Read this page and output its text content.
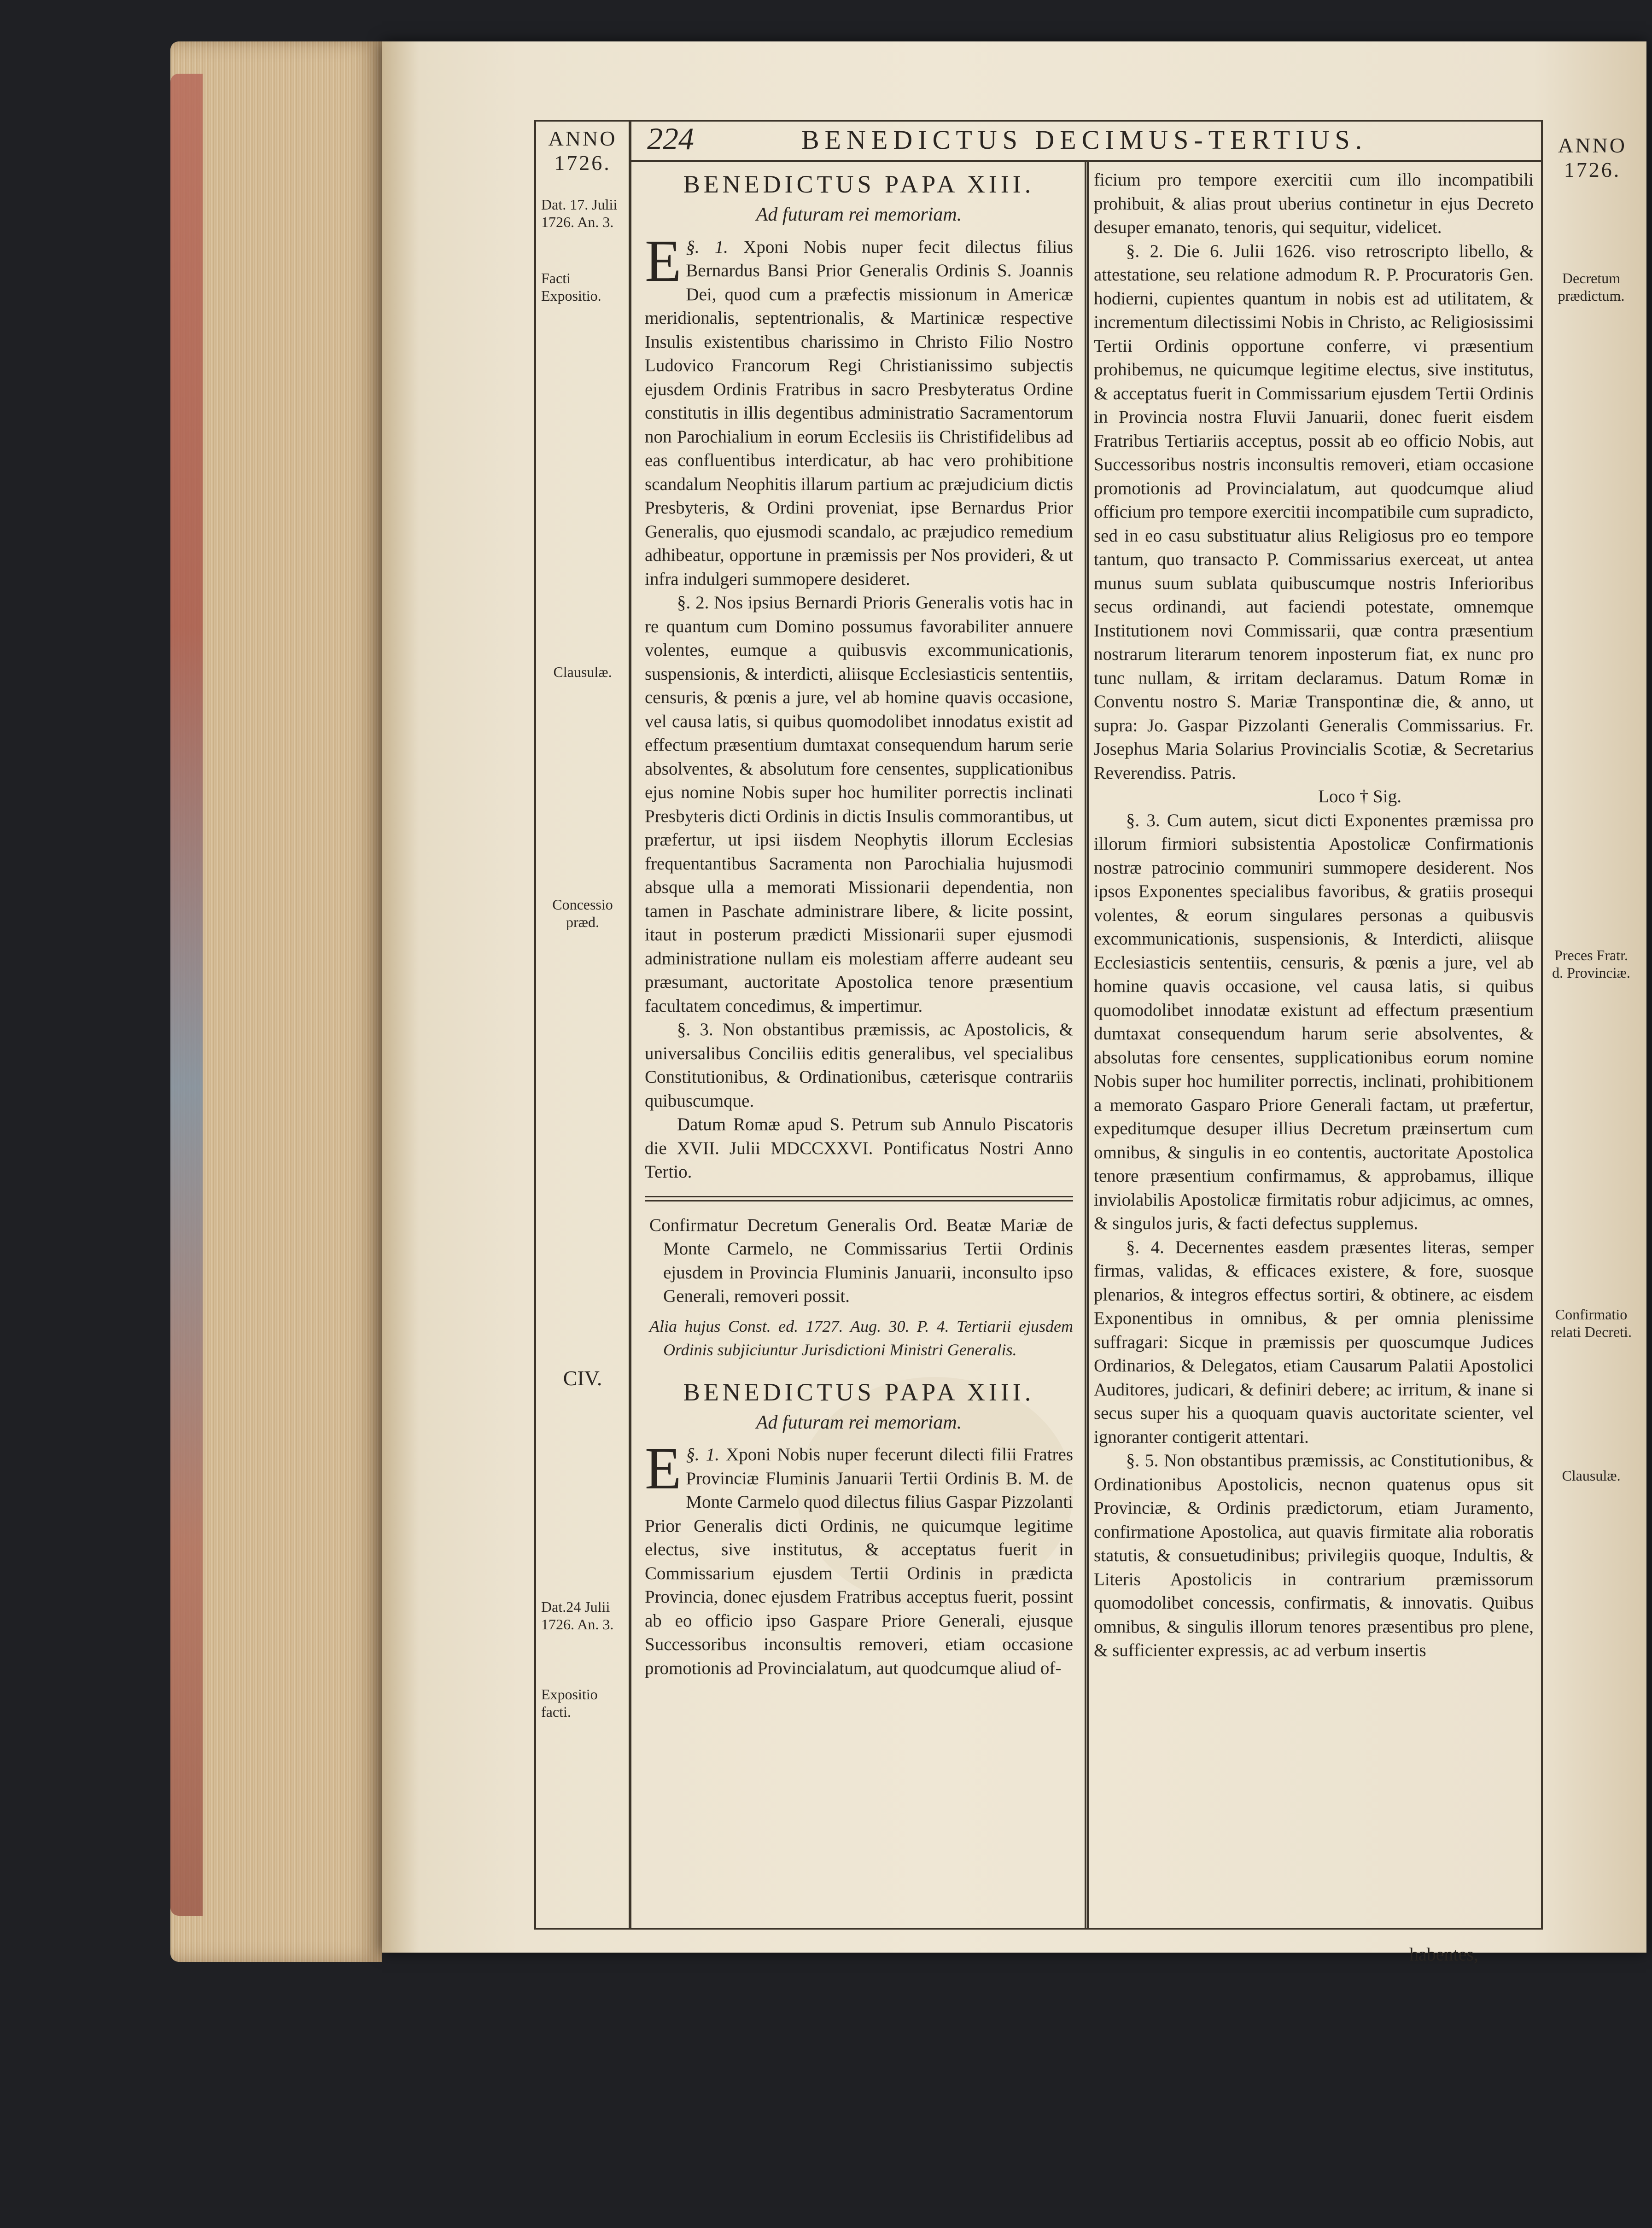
ANNO
1726.
224	BENEDICTUS DECIMUS-TERTIUS.	ANNO
1726.
Dat. 17. Julii 1726. An. 3.
Facti Expositio.
Clausulæ.
Concessio præd.
CIV.
Dat.24 Julii 1726. An. 3.
Expositio facti.
Decretum prædictum.
Preces Fratr. d. Provinciæ.
Confirmatio relati Decreti.
Clausulæ.

BENEDICTUS PAPA XIII.

Ad futuram rei memoriam.

§. 1.
E	Xponi Nobis nuper fecit dilectus filius Bernardus Bansi Prior Generalis Ordinis S. Joannis Dei, quod cum a præfectis missionum in Americæ meridionalis, septentrionalis, & Martinicæ respective Insulis existentibus charissimo in Christo Filio Nostro Ludovico Francorum Regi Christianissimo subjectis ejusdem Ordinis Fratribus in sacro Presbyteratus Ordine constitutis in illis degentibus administratio Sacramentorum non Parochialium in eorum Ecclesiis iis Christifidelibus ad eas confluentibus interdicatur, ab hac vero prohibitione scandalum Neophitis illarum partium ac præjudicium dictis Presbyteris, & Ordini proveniat, ipse Bernardus Prior Generalis, quo ejusmodi scandalo, ac præjudico remedium adhibeatur, opportune in præmissis per Nos provideri, & ut infra indulgeri summopere desideret.

§. 2. Nos ipsius Bernardi Prioris Generalis votis hac in re quantum cum Domino possumus favorabiliter annuere volentes, eumque a quibusvis excommunicationis, suspensionis, & interdicti, aliisque Ecclesiasticis sententiis, censuris, & pœnis a jure, vel ab homine quavis occasione, vel causa latis, si quibus quomodolibet innodatus existit ad effectum præsentium dumtaxat consequendum harum serie absolventes, & absolutum fore censentes, supplicationibus ejus nomine Nobis super hoc humiliter porrectis inclinati Presbyteris dicti Ordinis in dictis Insulis commorantibus, ut præfertur, ut ipsi iisdem Neophytis illorum Ecclesias frequentantibus Sacramenta non Parochialia hujusmodi absque ulla a memorati Missionarii dependentia, non tamen in Paschate administrare libere, & licite possint, itaut in posterum prædicti Missionarii super ejusmodi administratione nullam eis molestiam afferre audeant seu præsumant, auctoritate Apostolica tenore præsentium facultatem concedimus, & impertimur.

§. 3. Non obstantibus præmissis, ac Apostolicis, & universalibus Conciliis editis generalibus, vel specialibus Constitutionibus, & Ordinationibus, cæterisque contrariis quibuscumque.

Datum Romæ apud S. Petrum sub Annulo Piscatoris die XVII. Julii MDCCXXVI. Pontificatus Nostri Anno Tertio.

Confirmatur Decretum Generalis Ord. Beatæ Mariæ de Monte Carmelo, ne Commissarius Tertii Ordinis ejusdem in Provincia Fluminis Januarii, inconsulto ipso Generali, removeri possit.

Alia hujus Const. ed. 1727. Aug. 30. P. 4. Tertiarii ejusdem Ordinis subjiciuntur Jurisdictioni Ministri Generalis.

BENEDICTUS PAPA XIII.

Ad futuram rei memoriam.

§. 1.
E Xponi Nobis nuper fecerunt dilecti filii Fratres Provinciæ Fluminis Januarii Tertii Ordinis B. M. de Monte Carmelo quod dilectus filius Gaspar Pizzolanti Prior Generalis dicti Ordinis, ne quicumque legitime electus, sive institutus, & acceptatus fuerit in Commissarium ejusdem Tertii Ordinis in prædicta Provincia, donec ejusdem Fratribus acceptus fuerit, possint ab eo officio ipso Gaspare Priore Generali, ejusque Successoribus inconsultis removeri, etiam occasione promotionis ad Provincialatum, aut quodcumque aliud of-

ficium pro tempore exercitii cum illo incompatibili prohibuit, & alias prout uberius continetur in ejus Decreto desuper emanato, tenoris, qui sequitur, videlicet.

§. 2. Die 6. Julii 1626. viso retroscripto libello, & attestatione, seu relatione admodum R. P. Procuratoris Gen. hodierni, cupientes quantum in nobis est ad utilitatem, & incrementum dilectissimi Nobis in Christo, ac Religiosissimi Tertii Ordinis opportune conferre, vi præsentium prohibemus, ne quicumque legitime electus, sive institutus, & acceptatus fuerit in Commissarium ejusdem Tertii Ordinis in Provincia nostra Fluvii Januarii, donec fuerit eisdem Fratribus Tertiariis acceptus, possit ab eo officio Nobis, aut Successoribus nostris inconsultis removeri, etiam occasione promotionis ad Provincialatum, aut quodcumque aliud officium pro tempore exercitii incompatibile cum supradicto, sed in eo casu substituatur alius Religiosus pro eo tempore tantum, quo transacto P. Commissarius exerceat, ut antea munus suum sublata quibuscumque nostris Inferioribus secus ordinandi, aut faciendi potestate, omnemque Institutionem novi Commissarii, quæ contra præsentium nostrarum literarum tenorem inposterum fiat, ex nunc pro tunc nullam, & irritam declaramus. Datum Romæ in Conventu nostro S. Mariæ Transpontinæ die, & anno, ut supra: Jo. Gaspar Pizzolanti Generalis Commissarius. Fr. Josephus Maria Solarius Provincialis Scotiæ, & Secretarius Reverendiss. Patris.

Loco † Sig.

§. 3. Cum autem, sicut dicti Exponentes præmissa pro illorum firmiori subsistentia Apostolicæ Confirmationis nostræ patrocinio communiri summopere desiderent. Nos ipsos Exponentes specialibus favoribus, & gratiis prosequi volentes, & eorum singulares personas a quibusvis excommunicationis, suspensionis, & Interdicti, aliisque Ecclesiasticis sententiis, censuris, & pœnis a jure, vel ab homine quavis occasione, vel causa latis, si quibus quomodolibet innodatæ existunt ad effectum præsentium dumtaxat consequendum harum serie absolventes, & absolutas fore censentes, supplicationibus eorum nomine Nobis super hoc humiliter porrectis, inclinati, prohibitionem a memorato Gasparo Priore Generali factam, ut præfertur, expeditumque desuper illius Decretum præinsertum cum omnibus, & singulis in eo contentis, auctoritate Apostolica tenore præsentium confirmamus, & approbamus, illique inviolabilis Apostolicæ firmitatis robur adjicimus, ac omnes, & singulos juris, & facti defectus supplemus.

§. 4. Decernentes easdem præsentes literas, semper firmas, validas, & efficaces existere, & fore, suosque plenarios, & integros effectus sortiri, & obtinere, ac eisdem Exponentibus in omnibus, & per omnia plenissime suffragari: Sicque in præmissis per quoscumque Judices Ordinarios, & Delegatos, etiam Causarum Palatii Apostolici Auditores, judicari, & definiri debere; ac irritum, & inane si secus super his a quoquam quavis auctoritate scienter, vel ignoranter contigerit attentari.

§. 5. Non obstantibus præmissis, ac Constitutionibus, & Ordinationibus Apostolicis, necnon quatenus opus sit Provinciæ, & Ordinis prædictorum, etiam Juramento, confirmatione Apostolica, aut quavis firmitate alia roboratis statutis, & consuetudinibus; privilegiis quoque, Indultis, & Literis Apostolicis in contrarium præmissorum quomodolibet concessis, confirmatis, & innovatis. Quibus omnibus, & singulis illorum tenores præsentibus pro plene, & sufficienter expressis, ac ad verbum insertis

habentes,
